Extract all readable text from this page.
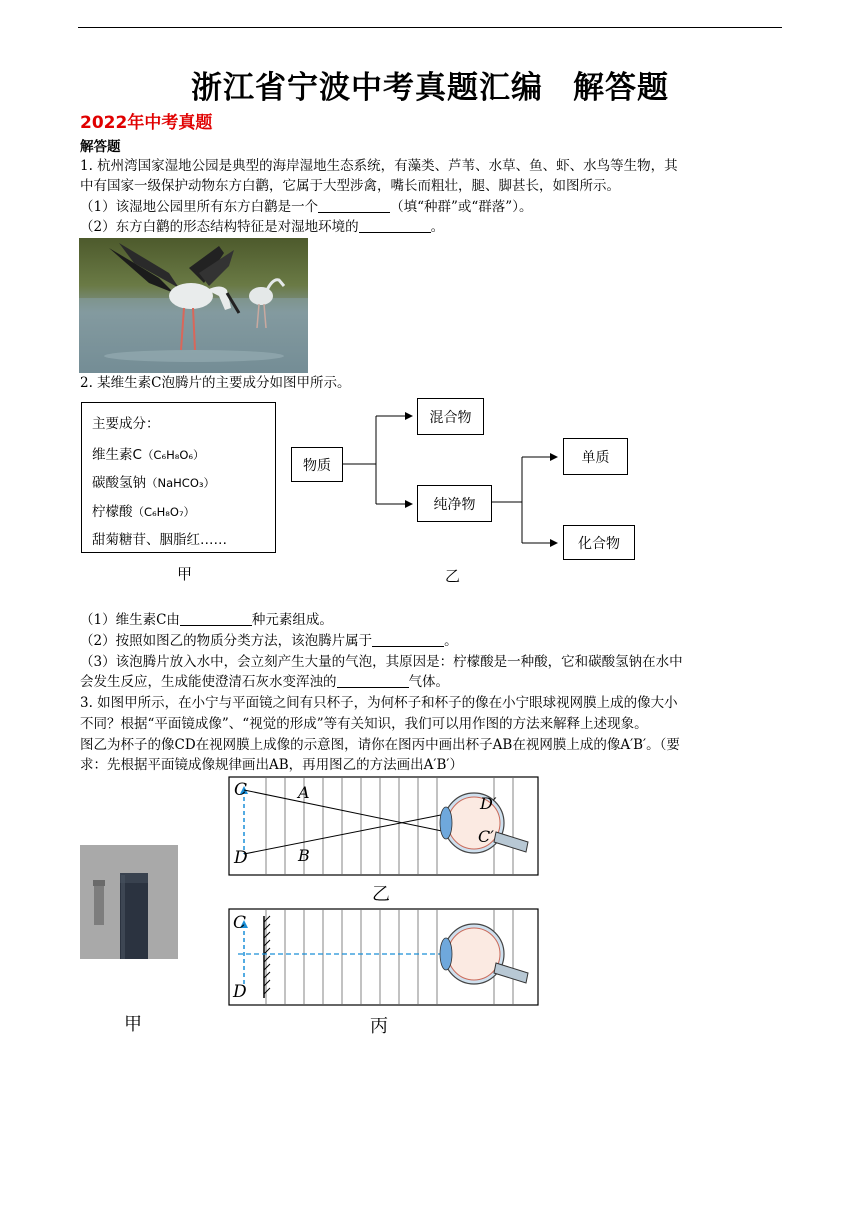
浙江省宁波中考真题汇编 解答题
2022年中考真题
解答题
1. 杭州湾国家湿地公园是典型的海岸湿地生态系统，有藻类、芦苇、水草、鱼、虾、水鸟等生物，其
中有国家一级保护动物东方白鹳，它属于大型涉禽，嘴长而粗壮，腿、脚甚长，如图所示。
（1）该湿地公园里所有东方白鹳是一个	（填“种群”或“群落”）。
（2）东方白鹳的形态结构特征是对湿地环境的	。
2. 某维生素C泡腾片的主要成分如图甲所示。
主要成分：
维生素C（C₆H₈O₆）
碳酸氢钠（NaHCO₃）
柠檬酸（C₆H₈O₇）
甜菊糖苷、胭脂红……
物质
混合物
纯净物
单质
化合物
甲	乙
（1）维生素C由	种元素组成。
（2）按照如图乙的物质分类方法，该泡腾片属于	。
（3）该泡腾片放入水中，会立刻产生大量的气泡，其原因是：柠檬酸是一种酸，它和碳酸氢钠在水中
会发生反应，生成能使澄清石灰水变浑浊的	气体。
3. 如图甲所示，在小宁与平面镜之间有只杯子，为何杯子和杯子的像在小宁眼球视网膜上成的像大小
不同？根据“平面镜成像”、“视觉的形成”等有关知识，我们可以用作图的方法来解释上述现象。
图乙为杯子的像CD在视网膜上成像的示意图，请你在图丙中画出杯子AB在视网膜上成的像A′B′。（要
求：先根据平面镜成像规律画出AB，再用图乙的方法画出A′B′）
甲
C
D
A
B
D′
C′
乙
C
D
丙
